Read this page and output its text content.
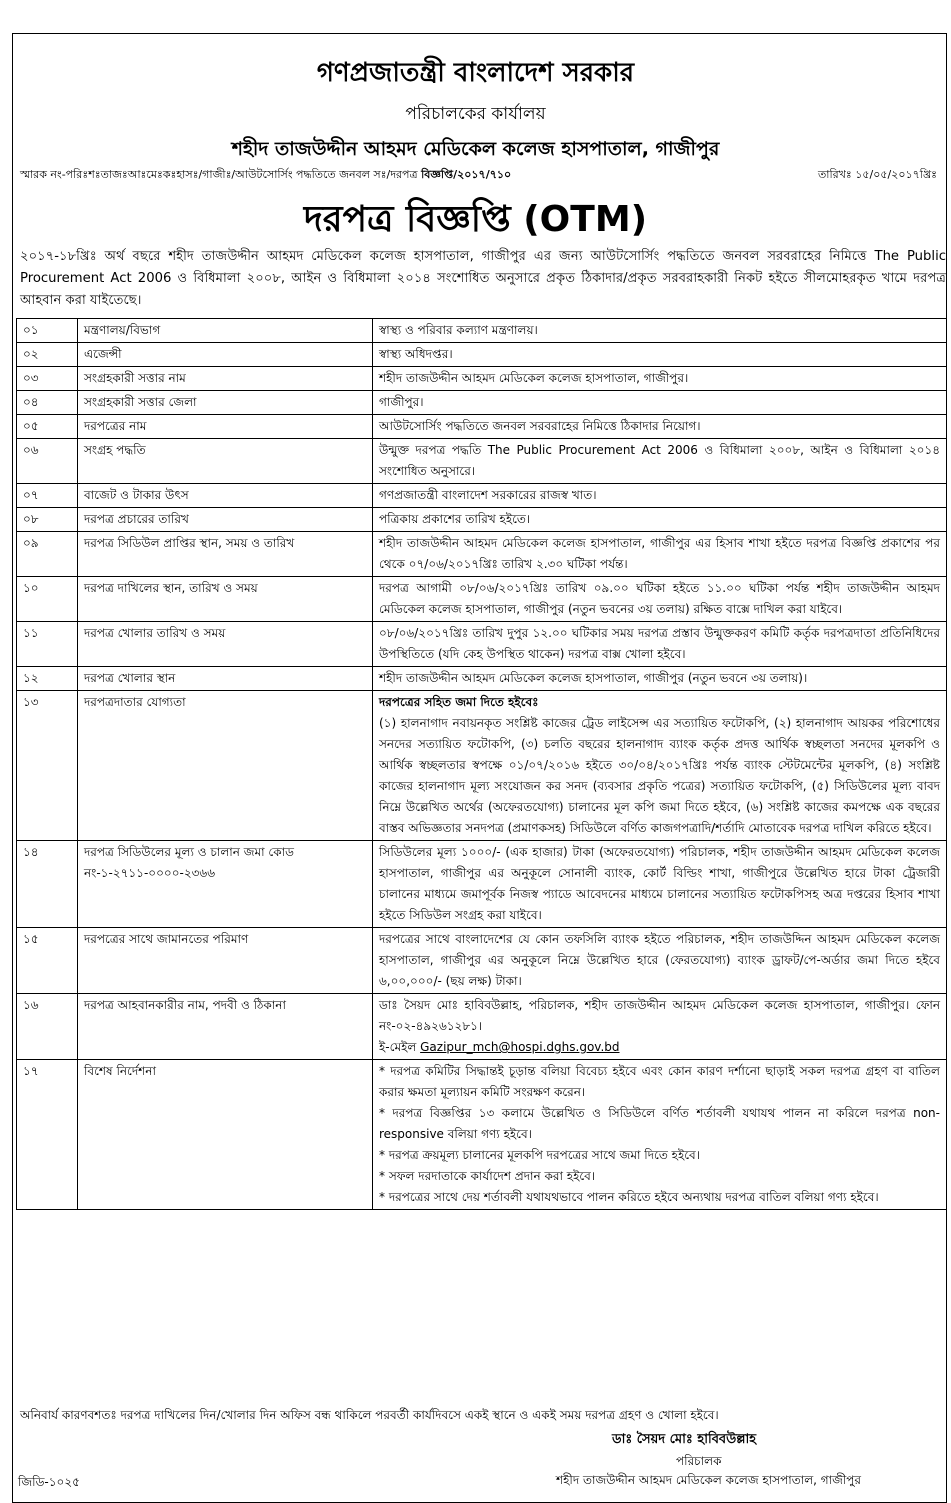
গণপ্রজাতন্ত্রী বাংলাদেশ সরকার
পরিচালকের কার্যালয়
শহীদ তাজউদ্দীন আহমদ মেডিকেল কলেজ হাসপাতাল, গাজীপুর
স্মারক নং-পরিঃশঃতাজঃআঃমেঃকঃহাসঃ/গাজীঃ/আউটসোর্সিং পদ্ধতিতে জনবল সঃ/দরপত্র বিজ্ঞপ্তি/২০১৭/৭১০	তারিখঃ ১৫/০৫/২০১৭খ্রিঃ
দরপত্র বিজ্ঞপ্তি (OTM)
২০১৭-১৮খ্রিঃ অর্থ বছরে শহীদ তাজউদ্দীন আহমদ মেডিকেল কলেজ হাসপাতাল, গাজীপুর এর জন্য আউটসোর্সিং পদ্ধতিতে জনবল সরবরাহের নিমিত্তে The Public Procurement Act 2006 ও বিধিমালা ২০০৮, আইন ও বিধিমালা ২০১৪ সংশোধিত অনুসারে প্রকৃত ঠিকাদার/প্রকৃত সরবরাহকারী নিকট হইতে সীলমোহরকৃত খামে দরপত্র আহবান করা যাইতেছে।
০১	মন্ত্রণালয়/বিভাগ	স্বাস্থ্য ও পরিবার কল্যাণ মন্ত্রণালয়।
০২	এজেন্সী	স্বাস্থ্য অধিদপ্তর।
০৩	সংগ্রহকারী সত্তার নাম	শহীদ তাজউদ্দীন আহমদ মেডিকেল কলেজ হাসপাতাল, গাজীপুর।
০৪	সংগ্রহকারী সত্তার জেলা	গাজীপুর।
০৫	দরপত্রের নাম	আউটসোর্সিং পদ্ধতিতে জনবল সরবরাহের নিমিত্তে ঠিকাদার নিয়োগ।
০৬	সংগ্রহ পদ্ধতি	উন্মুক্ত দরপত্র পদ্ধতি The Public Procurement Act 2006 ও বিধিমালা ২০০৮, আইন ও বিধিমালা ২০১৪ সংশোধিত অনুসারে।
০৭	বাজেট ও টাকার উৎস	গণপ্রজাতন্ত্রী বাংলাদেশ সরকারের রাজস্ব খাত।
০৮	দরপত্র প্রচারের তারিখ	পত্রিকায় প্রকাশের তারিখ হইতে।
০৯	দরপত্র সিডিউল প্রাপ্তির স্থান, সময় ও তারিখ	শহীদ তাজউদ্দীন আহমদ মেডিকেল কলেজ হাসপাতাল, গাজীপুর এর হিসাব শাখা হইতে দরপত্র বিজ্ঞপ্তি প্রকাশের পর থেকে ০৭/০৬/২০১৭খ্রিঃ তারিখ ২.৩০ ঘটিকা পর্যন্ত।
১০	দরপত্র দাখিলের স্থান, তারিখ ও সময়	দরপত্র আগামী ০৮/০৬/২০১৭খ্রিঃ তারিখ ০৯.০০ ঘটিকা হইতে ১১.০০ ঘটিকা পর্যন্ত শহীদ তাজউদ্দীন আহমদ মেডিকেল কলেজ হাসপাতাল, গাজীপুর (নতুন ভবনের ৩য় তলায়) রক্ষিত বাক্সে দাখিল করা যাইবে।
১১	দরপত্র খোলার তারিখ ও সময়	০৮/০৬/২০১৭খ্রিঃ তারিখ দুপুর ১২.০০ ঘটিকার সময় দরপত্র প্রস্তাব উন্মুক্তকরণ কমিটি কর্তৃক দরপত্রদাতা প্রতিনিধিদের উপস্থিতিতে (যদি কেহ উপস্থিত থাকেন) দরপত্র বাক্স খোলা হইবে।
১২	দরপত্র খোলার স্থান	শহীদ তাজউদ্দীন আহমদ মেডিকেল কলেজ হাসপাতাল, গাজীপুর (নতুন ভবনে ৩য় তলায়)।
১৩	দরপত্রদাতার যোগ্যতা	দরপত্রের সহিত জমা দিতে হইবেঃ
(১) হালনাগাদ নবায়নকৃত সংশ্লিষ্ট কাজের ট্রেড লাইসেন্স এর সত্যায়িত ফটোকপি, (২) হালনাগাদ আয়কর পরিশোধের সনদের সত্যায়িত ফটোকপি, (৩) চলতি বছরের হালনাগাদ ব্যাংক কর্তৃক প্রদত্ত আর্থিক স্বচ্ছলতা সনদের মূলকপি ও আর্থিক স্বচ্ছলতার স্বপক্ষে ০১/০৭/২০১৬ হইতে ৩০/০৪/২০১৭খ্রিঃ পর্যন্ত ব্যাংক স্টেটমেন্টের মূলকপি, (৪) সংশ্লিষ্ট কাজের হালনাগাদ মূল্য সংযোজন কর সনদ (ব্যবসার প্রকৃতি পত্রের) সত্যায়িত ফটোকপি, (৫) সিডিউলের মূল্য বাবদ নিম্নে উল্লেখিত অর্থের (অফেরতযোগ্য) চালানের মূল কপি জমা দিতে হইবে, (৬) সংশ্লিষ্ট কাজের কমপক্ষে এক বছরের বাস্তব অভিজ্ঞতার সনদপত্র (প্রমাণকসহ) সিডিউলে বর্ণিত কাজগপত্রাদি/শর্তাদি মোতাবেক দরপত্র দাখিল করিতে হইবে।
১৪	দরপত্র সিডিউলের মূল্য ও চালান জমা কোড নং-১-২৭১১-০০০০-২৩৬৬	সিডিউলের মূল্য ১০০০/- (এক হাজার) টাকা (অফেরতযোগ্য) পরিচালক, শহীদ তাজউদ্দীন আহমদ মেডিকেল কলেজ হাসপাতাল, গাজীপুর এর অনুকূলে সোনালী ব্যাংক, কোর্ট বিল্ডিং শাখা, গাজীপুরে উল্লেখিত হারে টাকা ট্রেজারী চালানের মাধ্যমে জমাপূর্বক নিজস্ব প্যাডে আবেদনের মাধ্যমে চালানের সত্যায়িত ফটোকপিসহ অত্র দপ্তরের হিসাব শাখা হইতে সিডিউল সংগ্রহ করা যাইবে।
১৫	দরপত্রের সাথে জামানতের পরিমাণ	দরপত্রের সাথে বাংলাদেশের যে কোন তফসিলি ব্যাংক হইতে পরিচালক, শহীদ তাজউদ্দিন আহমদ মেডিকেল কলেজ হাসপাতাল, গাজীপুর এর অনুকূলে নিম্নে উল্লেখিত হারে (ফেরতযোগ্য) ব্যাংক ড্রাফট/পে-অর্ডার জমা দিতে হইবে ৬,০০,০০০/- (ছয় লক্ষ) টাকা।
১৬	দরপত্র আহবানকারীর নাম, পদবী ও ঠিকানা	ডাঃ সৈয়দ মোঃ হাবিবউল্লাহ, পরিচালক, শহীদ তাজউদ্দীন আহমদ মেডিকেল কলেজ হাসপাতাল, গাজীপুর। ফোন নং-০২-৪৯২৬১২৮১।
ই-মেইল Gazipur_mch@hospi.dghs.gov.bd

১৭	বিশেষ নির্দেশনা	* দরপত্র কমিটির সিদ্ধান্তই চূড়ান্ত বলিয়া বিবেচ্য হইবে এবং কোন কারণ দর্শানো ছাড়াই সকল দরপত্র গ্রহণ বা বাতিল করার ক্ষমতা মূল্যায়ন কমিটি সংরক্ষণ করেন।
* দরপত্র বিজ্ঞপ্তির ১৩ কলামে উল্লেখিত ও সিডিউলে বর্ণিত শর্তাবলী যথাযথ পালন না করিলে দরপত্র non-responsive বলিয়া গণ্য হইবে।
* দরপত্র ক্রয়মূল্য চালানের মূলকপি দরপত্রের সাথে জমা দিতে হইবে।
* সফল দরদাতাকে কার্যাদেশ প্রদান করা হইবে।
* দরপত্রের সাথে দেয় শর্তাবলী যথাযথভাবে পালন করিতে হইবে অন্যথায় দরপত্র বাতিল বলিয়া গণ্য হইবে।
অনিবার্য কারণবশতঃ দরপত্র দাখিলের দিন/খোলার দিন অফিস বন্ধ থাকিলে পরবর্তী কার্যদিবসে একই স্থানে ও একই সময় দরপত্র গ্রহণ ও খোলা হইবে।
ডাঃ সৈয়দ মোঃ হাবিবউল্লাহ
পরিচালক
শহীদ তাজউদ্দীন আহমদ মেডিকেল কলেজ হাসপাতাল, গাজীপুর
জিডি-১০২৫
